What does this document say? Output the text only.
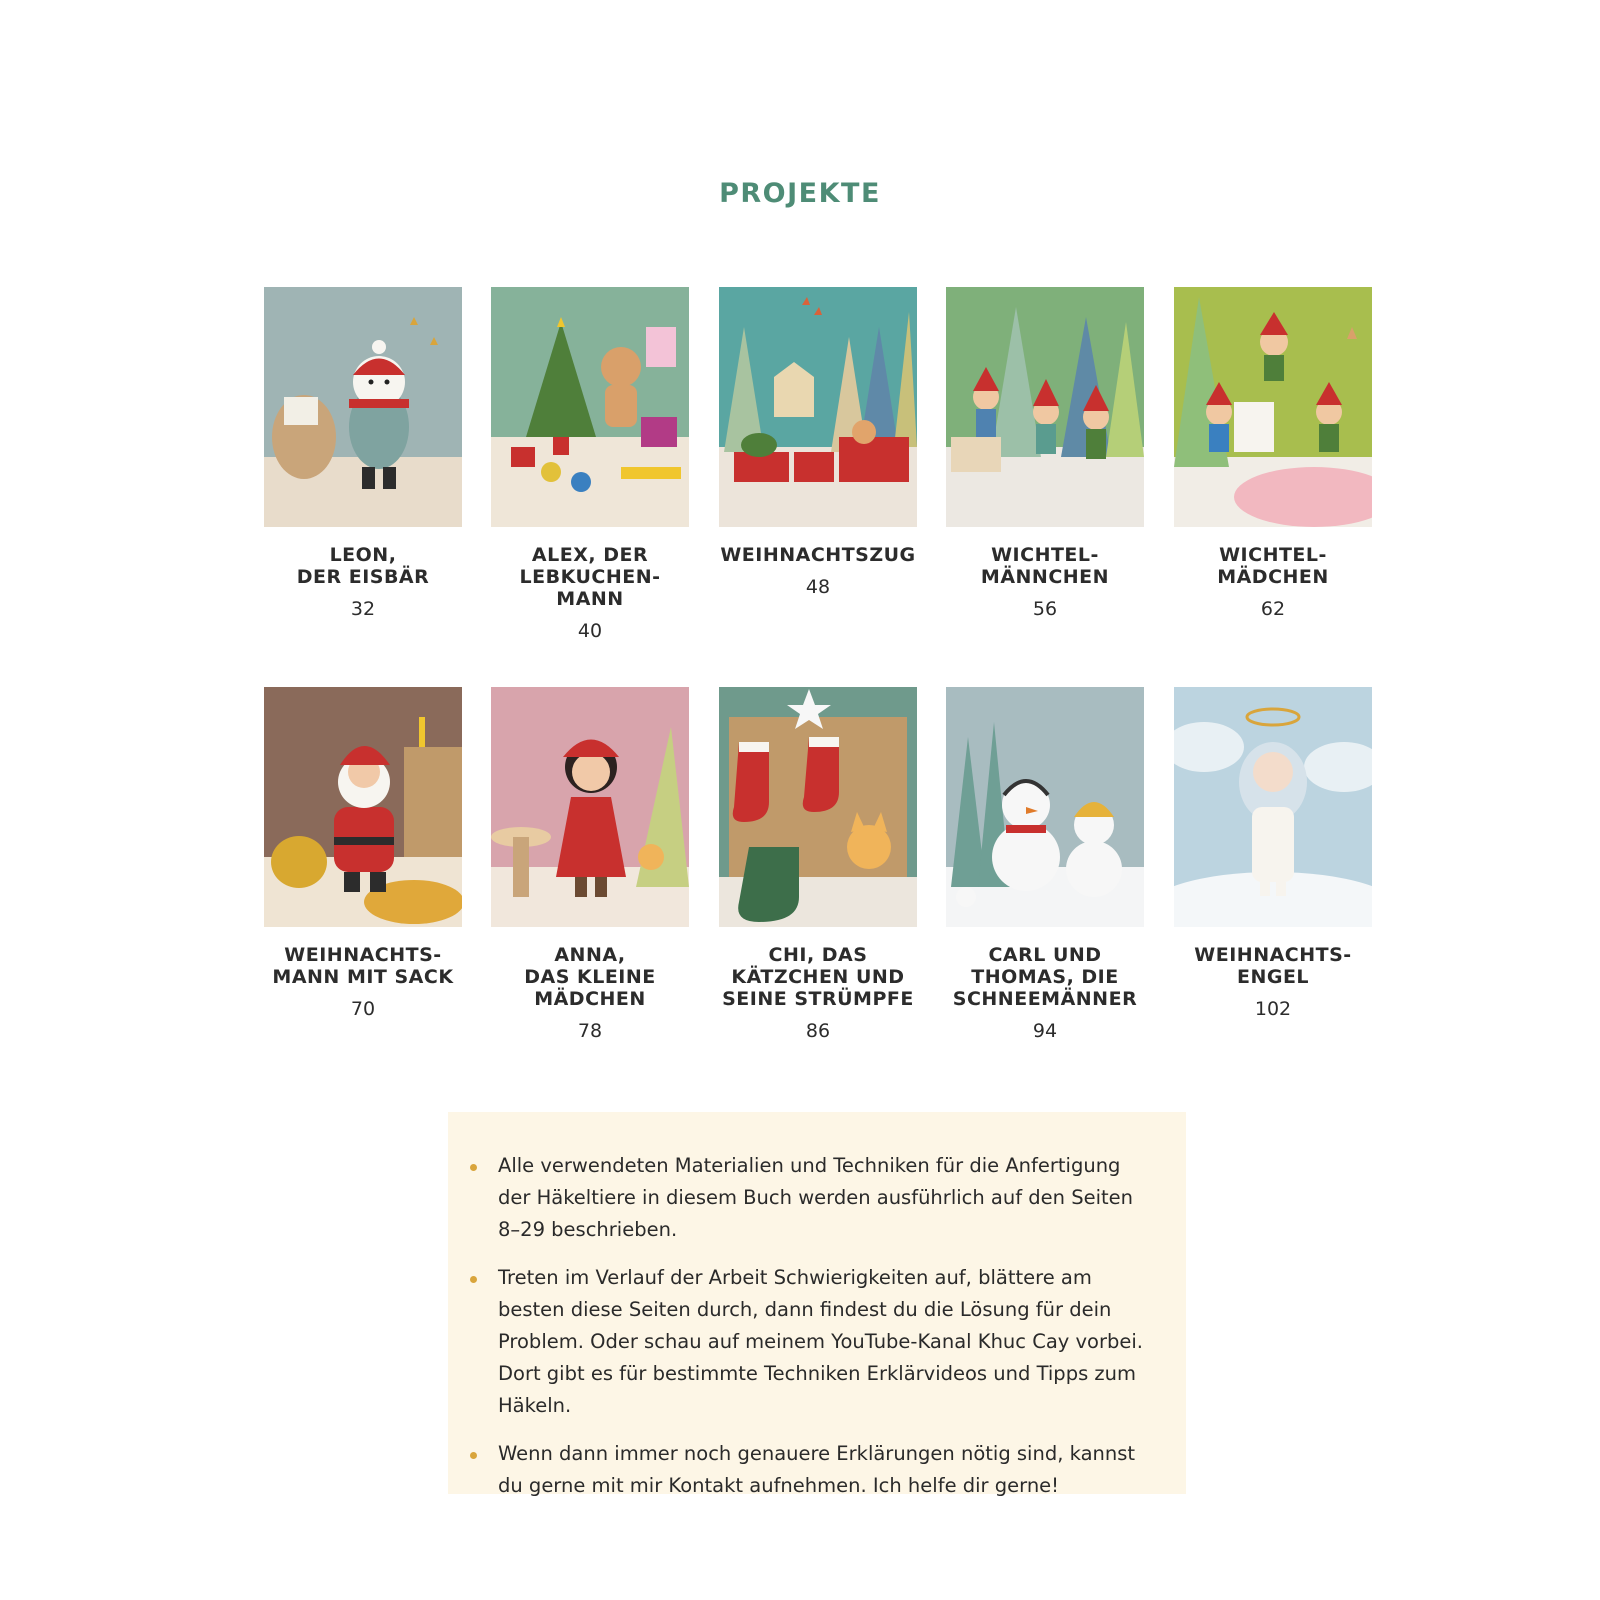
PROJEKTE
LEON,
DER EISBÄR
32
ALEX, DER
LEBKUCHEN-
MANN
40
WEIHNACHTSZUG
48
WICHTEL-
MÄNNCHEN
56
WICHTEL-
MÄDCHEN
62
WEIHNACHTS-
MANN MIT SACK
70
ANNA,
DAS KLEINE
MÄDCHEN
78
CHI, DAS
KÄTZCHEN UND
SEINE STRÜMPFE
86
CARL UND
THOMAS, DIE
SCHNEEMÄNNER
94
WEIHNACHTS-
ENGEL
102
Alle verwendeten Materialien und Techniken für die Anfertigung der Häkeltiere in diesem Buch werden ausführlich auf den Seiten 8–29 beschrieben.
Treten im Verlauf der Arbeit Schwierigkeiten auf, blättere am besten diese Seiten durch, dann findest du die Lösung für dein Problem. Oder schau auf meinem YouTube-Kanal Khuc Cay vorbei. Dort gibt es für bestimmte Techniken Erklärvideos und Tipps zum Häkeln.
Wenn dann immer noch genauere Erklärungen nötig sind, kannst du gerne mit mir Kontakt aufnehmen. Ich helfe dir gerne!
